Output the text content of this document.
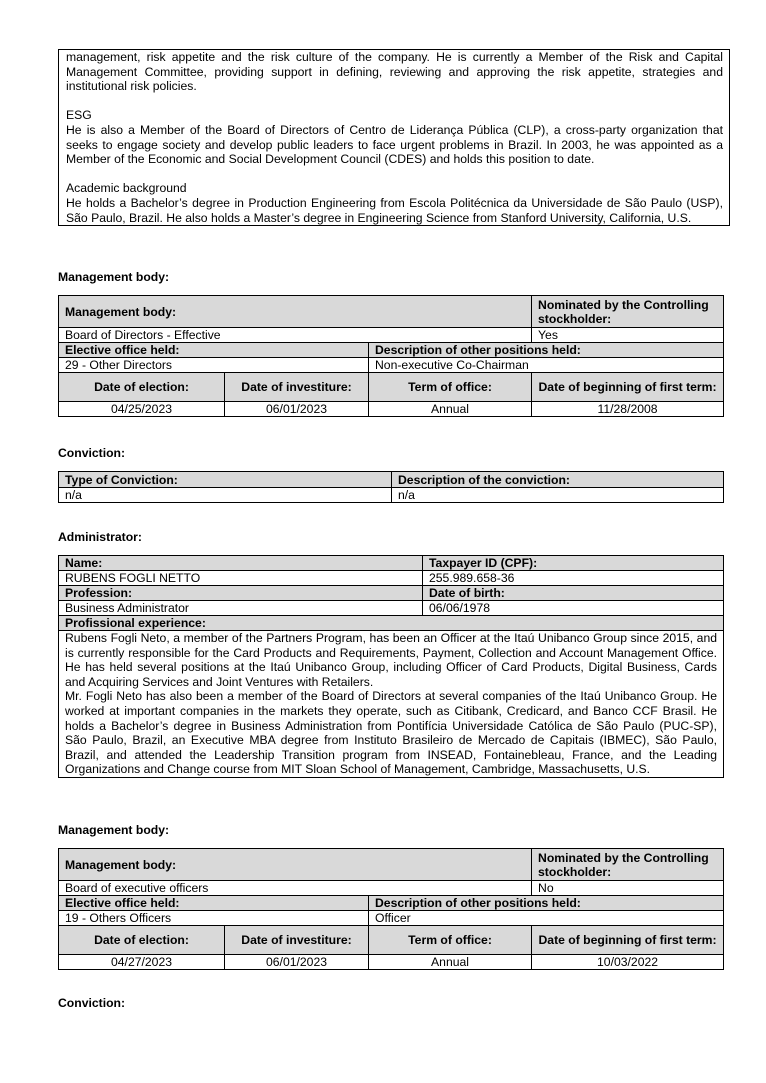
management, risk appetite and the risk culture of the company. He is currently a Member of the Risk and Capital Management Committee, providing support in defining, reviewing and approving the risk appetite, strategies and institutional risk policies.

ESG

He is also a Member of the Board of Directors of Centro de Liderança Pública (CLP), a cross-party organization that seeks to engage society and develop public leaders to face urgent problems in Brazil. In 2003, he was appointed as a Member of the Economic and Social Development Council (CDES) and holds this position to date.

Academic background

He holds a Bachelor’s degree in Production Engineering from Escola Politécnica da Universidade de São Paulo (USP), São Paulo, Brazil. He also holds a Master’s degree in Engineering Science from Stanford University, California, U.S.

Management body:
Management body:			Nominated by the Controlling stockholder:
Board of Directors - Effective			Yes
Elective office held:		Description of other positions held:	
29 - Other Directors		Non-executive Co-Chairman	
Date of election:	Date of investiture:	Term of office:	Date of beginning of first term:
04/25/2023	06/01/2023	Annual	11/28/2008
Conviction:
Type of Conviction:	Description of the conviction:
n/a	n/a
Administrator:
Name:	Taxpayer ID (CPF):
RUBENS FOGLI NETTO	255.989.658-36
Profession:	Date of birth:
Business Administrator	06/06/1978
Profissional experience:	

Rubens Fogli Neto, a member of the Partners Program, has been an Officer at the Itaú Unibanco Group since 2015, and is currently responsible for the Card Products and Requirements, Payment, Collection and Account Management Office. He has held several positions at the Itaú Unibanco Group, including Officer of Card Products, Digital Business, Cards and Acquiring Services and Joint Ventures with Retailers.
Mr. Fogli Neto has also been a member of the Board of Directors at several companies of the Itaú Unibanco Group. He worked at important companies in the markets they operate, such as Citibank, Credicard, and Banco CCF Brasil. He holds a Bachelor’s degree in Business Administration from Pontifícia Universidade Católica de São Paulo (PUC-SP), São Paulo, Brazil, an Executive MBA degree from Instituto Brasileiro de Mercado de Capitais (IBMEC), São Paulo, Brazil, and attended the Leadership Transition program from INSEAD, Fontainebleau, France, and the Leading Organizations and Change course from MIT Sloan School of Management, Cambridge, Massachusetts, U.S.	
Management body:
Management body:			Nominated by the Controlling stockholder:
Board of executive officers			No
Elective office held:		Description of other positions held:	
19 - Others Officers		Officer	
Date of election:	Date of investiture:	Term of office:	Date of beginning of first term:
04/27/2023	06/01/2023	Annual	10/03/2022
Conviction:
